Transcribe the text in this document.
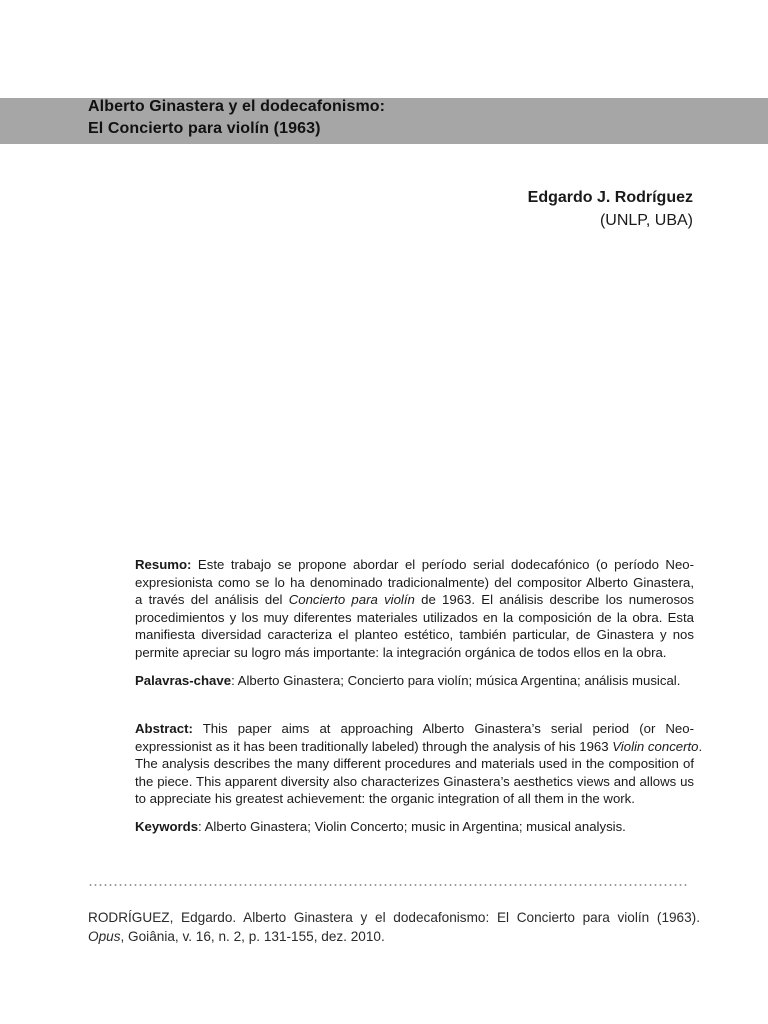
Alberto Ginastera y el dodecafonismo:
El Concierto para violín (1963)
Edgardo J. Rodríguez
(UNLP, UBA)
Resumo: Este trabajo se propone abordar el período serial dodecafónico (o período Neo-
expresionista como se lo ha denominado tradicionalmente) del compositor Alberto Ginastera,
a través del análisis del Concierto para violín de 1963. El análisis describe los numerosos
procedimientos y los muy diferentes materiales utilizados en la composición de la obra. Esta
manifiesta diversidad caracteriza el planteo estético, también particular, de Ginastera y nos
permite apreciar su logro más importante: la integración orgánica de todos ellos en la obra.
Palavras-chave: Alberto Ginastera; Concierto para violín; música Argentina; análisis musical.
Abstract: This paper aims at approaching Alberto Ginastera’s serial period (or Neo-
expressionist as it has been traditionally labeled) through the analysis of his 1963 Violin concerto.
The analysis describes the many different procedures and materials used in the composition of
the piece. This apparent diversity also characterizes Ginastera’s aesthetics views and allows us
to appreciate his greatest achievement: the organic integration of all them in the work.
Keywords: Alberto Ginastera; Violin Concerto; music in Argentina; musical analysis.
RODRÍGUEZ, Edgardo. Alberto Ginastera y el dodecafonismo: El Concierto para violín (1963).
Opus, Goiânia, v. 16, n. 2, p. 131-155, dez. 2010.
